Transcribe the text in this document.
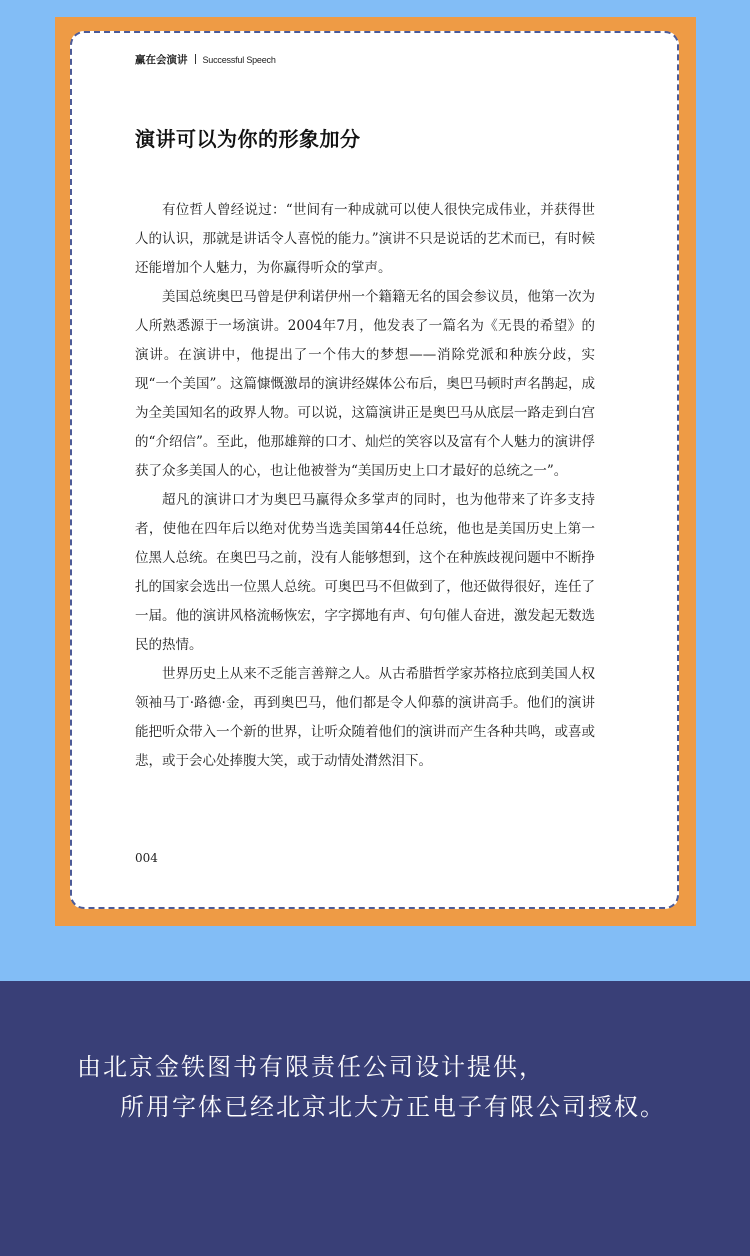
赢在会演讲 Successful Speech
演讲可以为你的形象加分

有位哲人曾经说过：“世间有一种成就可以使人很快完成伟业，并获得世人的认识，那就是讲话令人喜悦的能力。”演讲不只是说话的艺术而已，有时候还能增加个人魅力，为你赢得听众的掌声。

美国总统奥巴马曾是伊利诺伊州一个籍籍无名的国会参议员，他第一次为人所熟悉源于一场演讲。2004年7月，他发表了一篇名为《无畏的希望》的演讲。在演讲中，他提出了一个伟大的梦想——消除党派和种族分歧，实现“一个美国”。这篇慷慨激昂的演讲经媒体公布后，奥巴马顿时声名鹊起，成为全美国知名的政界人物。可以说，这篇演讲正是奥巴马从底层一路走到白宫的“介绍信”。至此，他那雄辩的口才、灿烂的笑容以及富有个人魅力的演讲俘获了众多美国人的心，也让他被誉为“美国历史上口才最好的总统之一”。

超凡的演讲口才为奥巴马赢得众多掌声的同时，也为他带来了许多支持者，使他在四年后以绝对优势当选美国第44任总统，他也是美国历史上第一位黑人总统。在奥巴马之前，没有人能够想到，这个在种族歧视问题中不断挣扎的国家会选出一位黑人总统。可奥巴马不但做到了，他还做得很好，连任了一届。他的演讲风格流畅恢宏，字字掷地有声、句句催人奋进，激发起无数选民的热情。

世界历史上从来不乏能言善辩之人。从古希腊哲学家苏格拉底到美国人权领袖马丁·路德·金，再到奥巴马，他们都是令人仰慕的演讲高手。他们的演讲能把听众带入一个新的世界，让听众随着他们的演讲而产生各种共鸣，或喜或悲，或于会心处捧腹大笑，或于动情处潸然泪下。

004
由北京金铁图书有限责任公司设计提供，
所用字体已经北京北大方正电子有限公司授权。
